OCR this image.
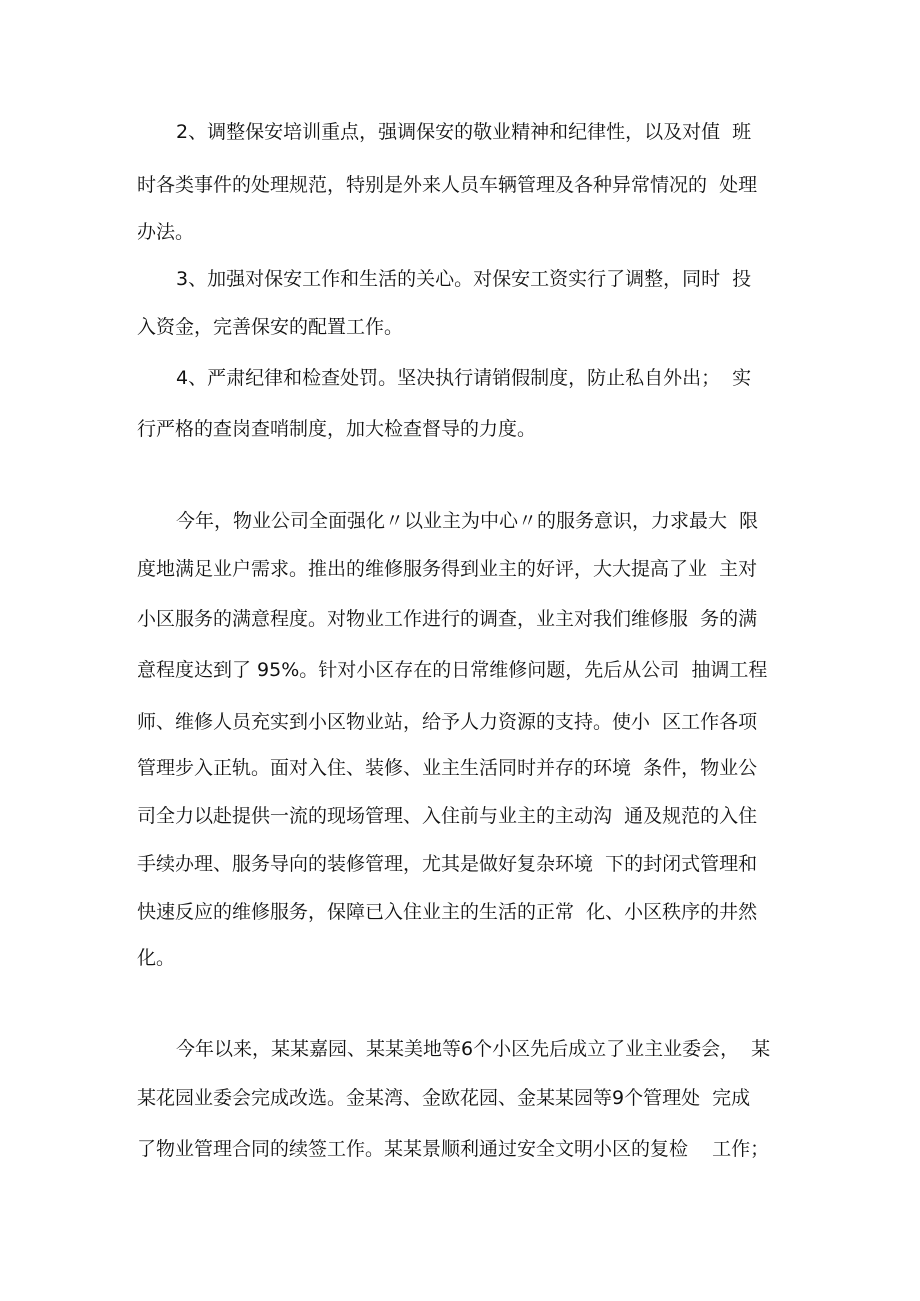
2、调整保安培训重点，强调保安的敬业精神和纪律性，以及对值  班
时各类事件的处理规范，特别是外来人员车辆管理及各种异常情况的  处理
办法。
3、加强对保安工作和生活的关心。对保安工资实行了调整，同时  投
入资金，完善保安的配置工作。
4、严肃纪律和检查处罚。坚决执行请销假制度，防止私自外出；  实
行严格的查岗查哨制度，加大检查督导的力度。
今年，物业公司全面强化〃以业主为中心〃的服务意识，力求最大  限
度地满足业户需求。推出的维修服务得到业主的好评，大大提高了业  主对
小区服务的满意程度。对物业工作进行的调查，业主对我们维修服  务的满
意程度达到了 95%。针对小区存在的日常维修问题，先后从公司  抽调工程
师、维修人员充实到小区物业站，给予人力资源的支持。使小  区工作各项
管理步入正轨。面对入住、装修、业主生活同时并存的环境  条件，物业公
司全力以赴提供一流的现场管理、入住前与业主的主动沟  通及规范的入住
手续办理、服务导向的装修管理，尤其是做好复杂环境  下的封闭式管理和
快速反应的维修服务，保障已入住业主的生活的正常  化、小区秩序的井然
化。
今年以来，某某嘉园、某某美地等6个小区先后成立了业主业委会，  某
某花园业委会完成改选。金某湾、金欧花园、金某某园等9个管理处  完成
了物业管理合同的续签工作。某某景顺利通过安全文明小区的复检    工作；
